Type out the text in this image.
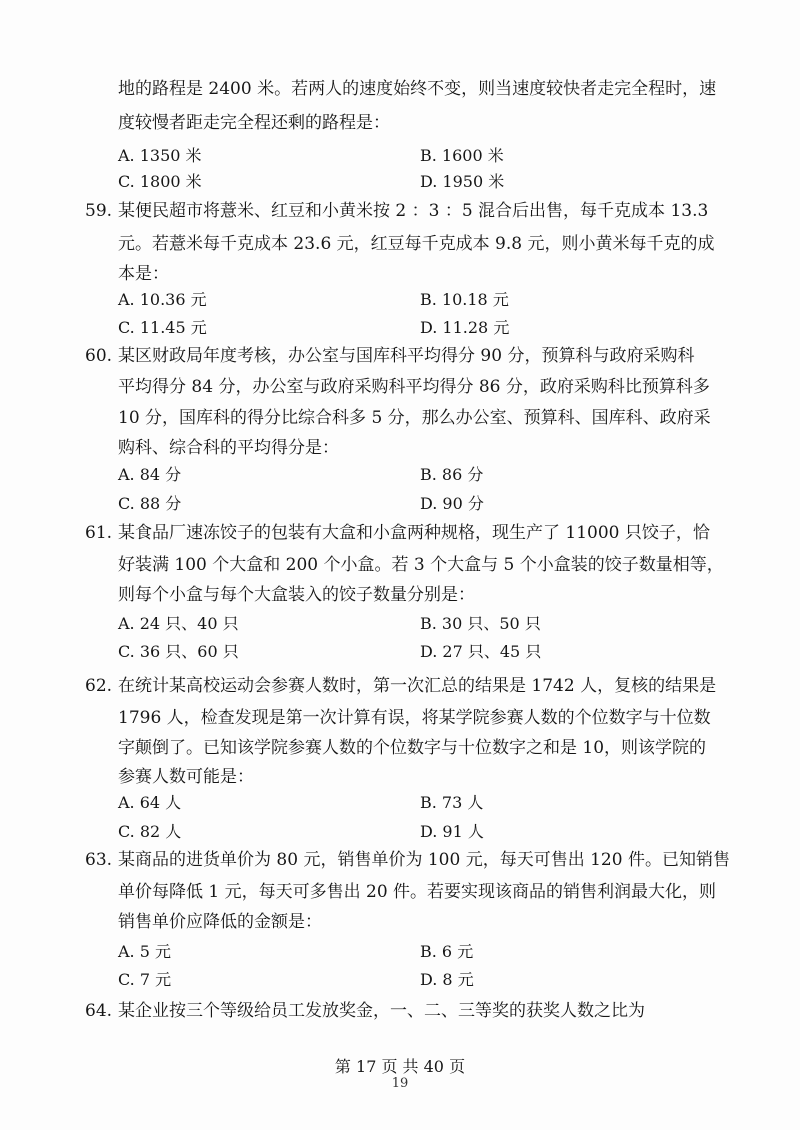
地的路程是 2400 米。若两人的速度始终不变，则当速度较快者走完全程时，速
度较慢者距走完全程还剩的路程是：
A. 1350 米	B. 1600 米
C. 1800 米	D. 1950 米
59. 某便民超市将薏米、红豆和小黄米按 2 ：3 ：5 混合后出售，每千克成本 13.3
元。若薏米每千克成本 23.6 元，红豆每千克成本 9.8 元，则小黄米每千克的成
本是：
A. 10.36 元	B. 10.18 元
C. 11.45 元	D. 11.28 元
60. 某区财政局年度考核，办公室与国库科平均得分 90 分，预算科与政府采购科
平均得分 84 分，办公室与政府采购科平均得分 86 分，政府采购科比预算科多
10 分，国库科的得分比综合科多 5 分，那么办公室、预算科、国库科、政府采
购科、综合科的平均得分是：
A. 84 分	B. 86 分
C. 88 分	D. 90 分
61. 某食品厂速冻饺子的包装有大盒和小盒两种规格，现生产了 11000 只饺子，恰
好装满 100 个大盒和 200 个小盒。若 3 个大盒与 5 个小盒装的饺子数量相等，
则每个小盒与每个大盒装入的饺子数量分别是：
A. 24 只、40 只	B. 30 只、50 只
C. 36 只、60 只	D. 27 只、45 只
62. 在统计某高校运动会参赛人数时，第一次汇总的结果是 1742 人，复核的结果是
1796 人，检查发现是第一次计算有误，将某学院参赛人数的个位数字与十位数
字颠倒了。已知该学院参赛人数的个位数字与十位数字之和是 10，则该学院的
参赛人数可能是：
A. 64 人	B. 73 人
C. 82 人	D. 91 人
63. 某商品的进货单价为 80 元，销售单价为 100 元，每天可售出 120 件。已知销售
单价每降低 1 元，每天可多售出 20 件。若要实现该商品的销售利润最大化，则
销售单价应降低的金额是：
A. 5 元	B. 6 元
C. 7 元	D. 8 元
64. 某企业按三个等级给员工发放奖金，一、二、三等奖的获奖人数之比为
第 17 页 共 40 页
19
